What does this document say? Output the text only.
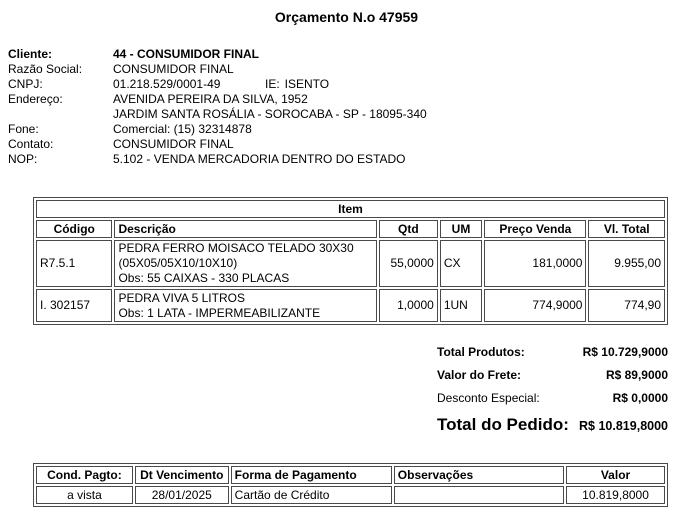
Orçamento N.o 47959
Cliente:	44 - CONSUMIDOR FINAL
Razão Social:	CONSUMIDOR FINAL
CNPJ:	01.218.529/0001-49	IE: ISENTO
Endereço:	AVENIDA PEREIRA DA SILVA, 1952
JARDIM SANTA ROSÁLIA - SOROCABA - SP - 18095-340
Fone:	Comercial: (15) 32314878
Contato:	CONSUMIDOR FINAL
NOP:	5.102 - VENDA MERCADORIA DENTRO DO ESTADO
Item					
Código	Descrição	Qtd	UM	Preço Venda	Vl. Total
R7.5.1	PEDRA FERRO MOISACO TELADO 30X30
(05X05/05X10/10X10)
Obs: 55 CAIXAS - 330 PLACAS	55,0000	CX	181,0000	9.955,00
I. 302157	PEDRA VIVA 5 LITROS
Obs: 1 LATA - IMPERMEABILIZANTE	1,0000	1UN	774,9000	774,90
Total Produtos:	R$ 10.729,9000
Valor do Frete:	R$ 89,9000
Desconto Especial:	R$ 0,0000
Total do Pedido: R$ 10.819,8000
Cond. Pagto:	Dt Vencimento	Forma de Pagamento	Observações	Valor
a vista	28/01/2025	Cartão de Crédito		10.819,8000
